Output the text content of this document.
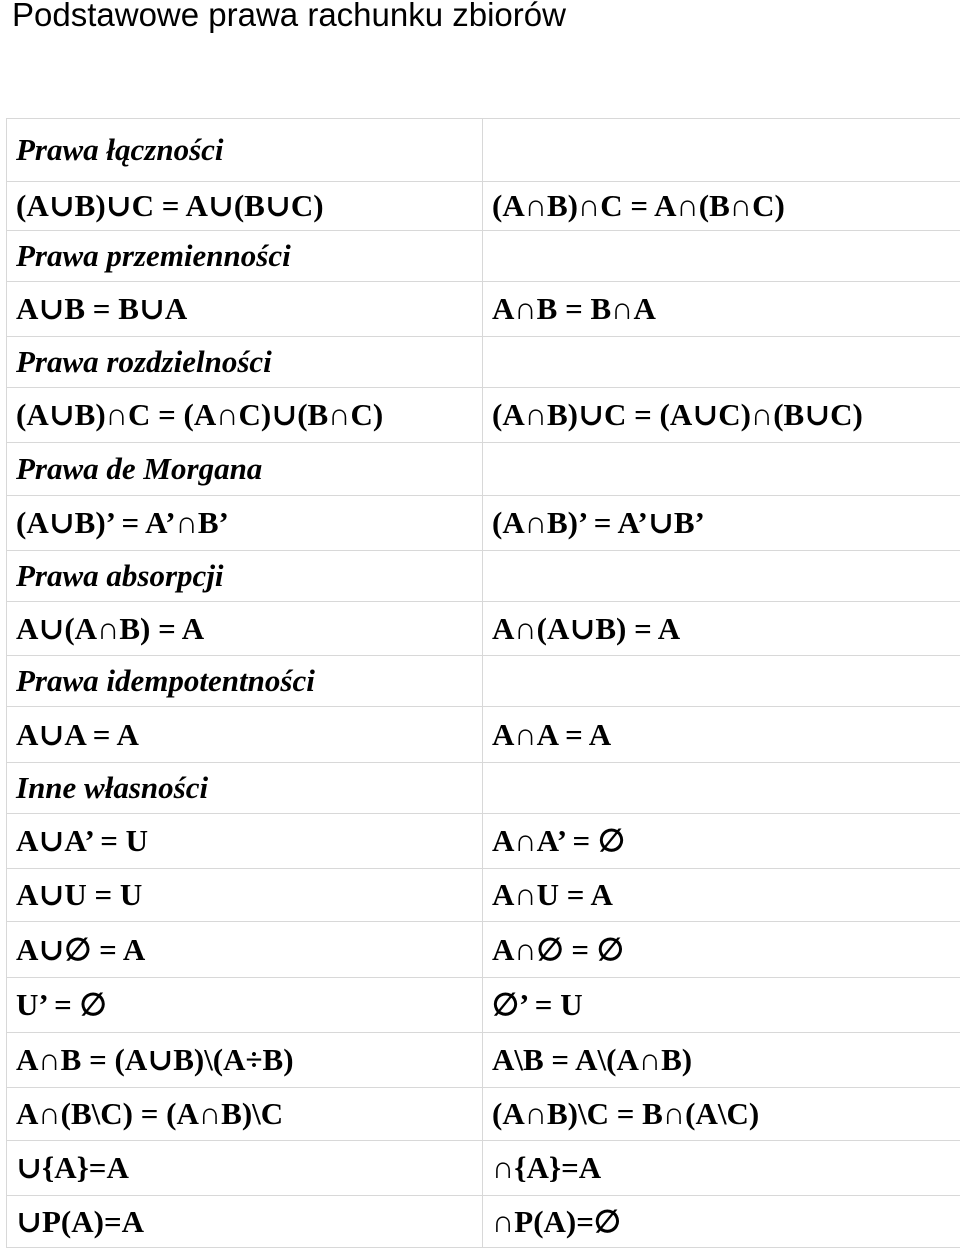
Podstawowe prawa rachunku zbiorów
Prawa łączności	
(A∪B)∪C = A∪(B∪C)	(A∩B)∩C = A∩(B∩C)
Prawa przemienności	
A∪B = B∪A	A∩B = B∩A
Prawa rozdzielności	
(A∪B)∩C = (A∩C)∪(B∩C)	(A∩B)∪C = (A∪C)∩(B∪C)
Prawa de Morgana	
(A∪B)’ = A’∩B’	(A∩B)’ = A’∪B’
Prawa absorpcji	
A∪(A∩B) = A	A∩(A∪B) = A
Prawa idempotentności	
A∪A = A	A∩A = A
Inne własności	
A∪A’ = U	A∩A’ = ∅
A∪U = U	A∩U = A
A∪∅ = A	A∩∅ = ∅
U’ = ∅	∅’ = U
A∩B = (A∪B)\(A÷B)	A\B = A\(A∩B)
A∩(B\C) = (A∩B)\C	(A∩B)\C = B∩(A\C)
∪{A}=A	∩{A}=A
∪P(A)=A	∩P(A)=∅
